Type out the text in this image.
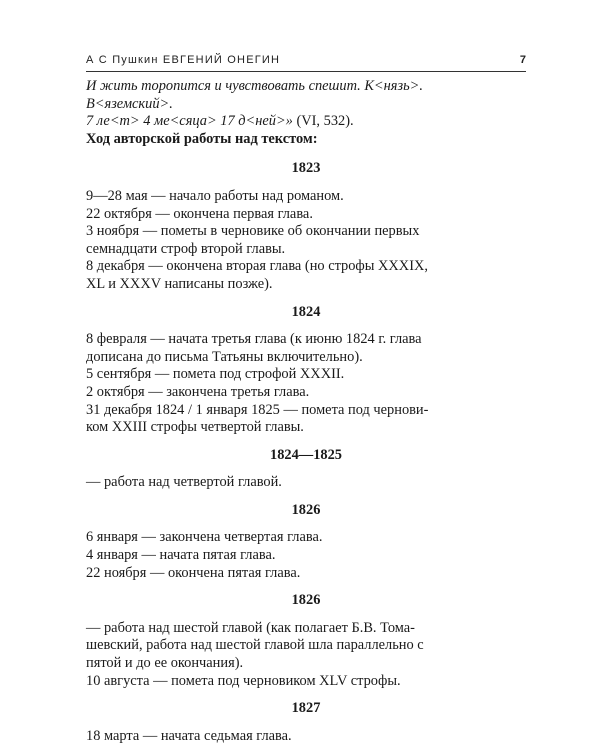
А С Пушкин ЕВГЕНИЙ ОНЕГИН	7
И жить торопится и чувствовать спешит. К<нязь>.
В<яземский>.
7 ле<т> 4 ме<сяца> 17 д<ней>» (VI, 532).
Ход авторской работы над текстом:
1823
9—28 мая — начало работы над романом.
22 октября — окончена первая глава.
3 ноября — пометы в черновике об окончании первых
семнадцати строф второй главы.
8 декабря — окончена вторая глава (но строфы XXXIX,
XL и XXXV написаны позже).
1824
8 февраля — начата третья глава (к июню 1824 г. глава
дописана до письма Татьяны включительно).
5 сентября — помета под строфой XXXII.
2 октября — закончена третья глава.
31 декабря 1824 / 1 января 1825 — помета под чернови-
ком XXIII строфы четвертой главы.
1824—1825
— работа над четвертой главой.
1826
6 января — закончена четвертая глава.
4 января — начата пятая глава.
22 ноября — окончена пятая глава.
1826
— работа над шестой главой (как полагает Б.В. Тома-
шевский, работа над шестой главой шла параллельно с
пятой и до ее окончания).
10 августа — помета под черновиком XLV строфы.
1827
18 марта — начата седьмая глава.
